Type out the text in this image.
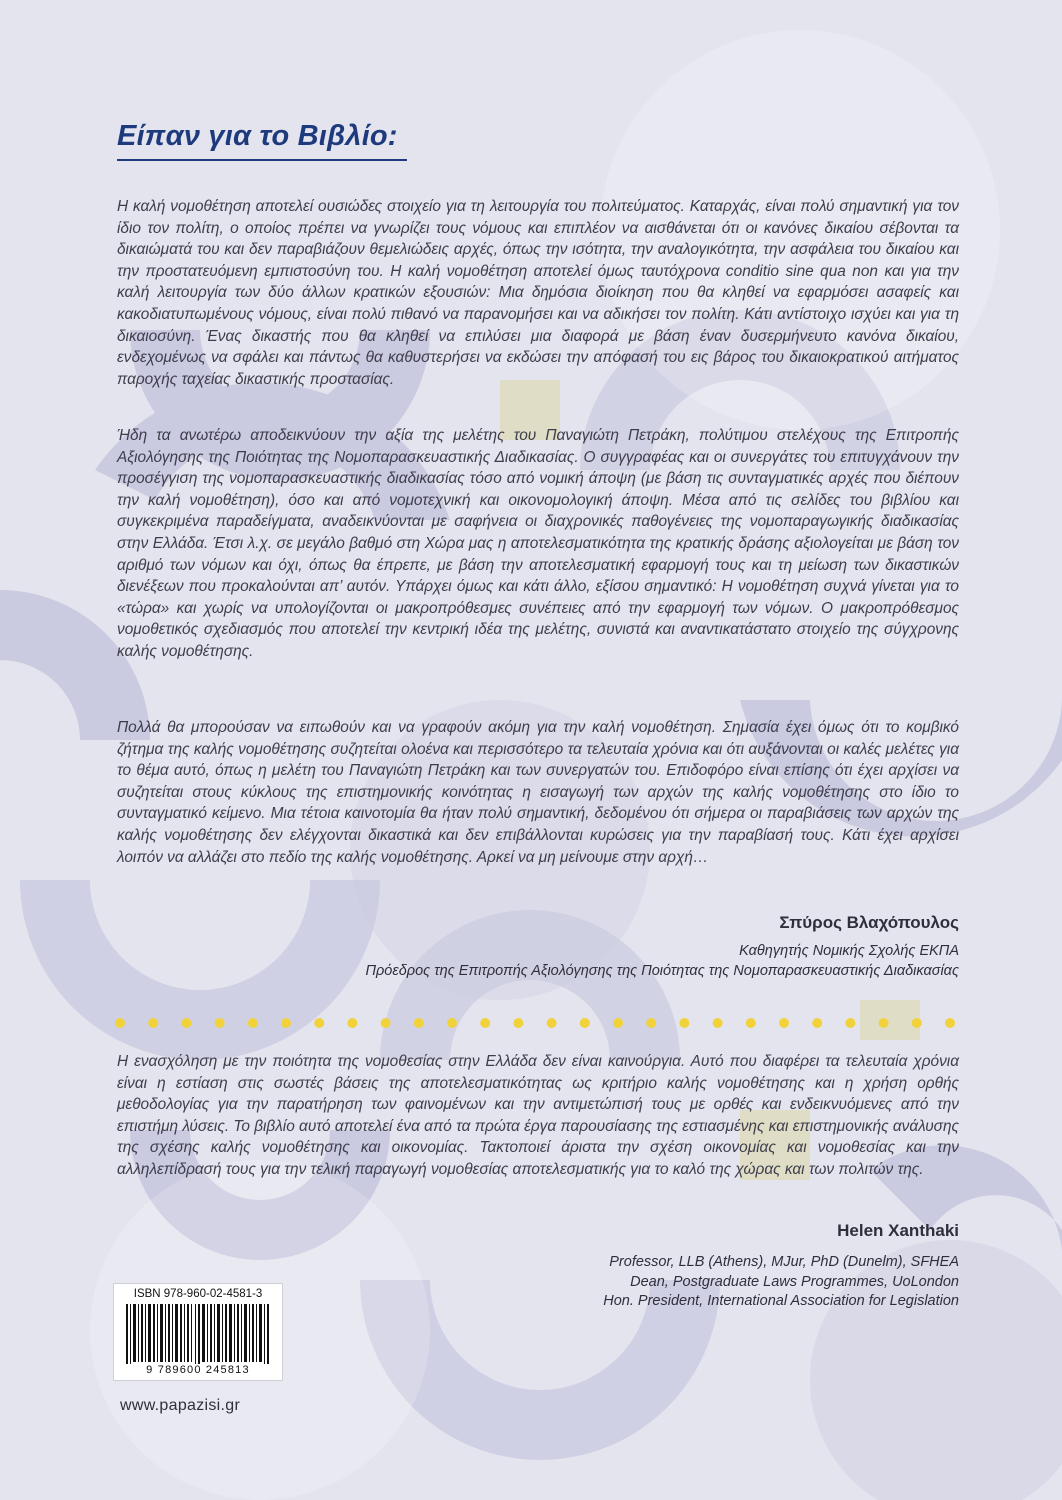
Είπαν για το Βιβλίο:

Η καλή νομοθέτηση αποτελεί ουσιώδες στοιχείο για τη λειτουργία του πολιτεύματος. Καταρχάς, είναι πολύ σημαντική για τον ίδιο τον πολίτη, ο οποίος πρέπει να γνωρίζει τους νόμους και επιπλέον να αισθάνεται ότι οι κανόνες δικαίου σέβονται τα δικαιώματά του και δεν παραβιάζουν θεμελιώδεις αρχές, όπως την ισότητα, την αναλογικότητα, την ασφάλεια του δικαίου και την προστατευόμενη εμπιστοσύνη του. Η καλή νομοθέτηση αποτελεί όμως ταυτόχρονα conditio sine qua non και για την καλή λειτουργία των δύο άλλων κρατικών εξουσιών: Μια δημόσια διοίκηση που θα κληθεί να εφαρμόσει ασαφείς και κακοδιατυπωμένους νόμους, είναι πολύ πιθανό να παρανομήσει και να αδικήσει τον πολίτη. Κάτι αντίστοιχο ισχύει και για τη δικαιοσύνη. Ένας δικαστής που θα κληθεί να επιλύσει μια διαφορά με βάση έναν δυσερμήνευτο κανόνα δικαίου, ενδεχομένως να σφάλει και πάντως θα καθυστερήσει να εκδώσει την απόφασή του εις βάρος του δικαιοκρατικού αιτήματος παροχής ταχείας δικαστικής προστασίας.

Ήδη τα ανωτέρω αποδεικνύουν την αξία της μελέτης του Παναγιώτη Πετράκη, πολύτιμου στελέχους της Επιτροπής Αξιολόγησης της Ποιότητας της Νομοπαρασκευαστικής Διαδικασίας. Ο συγγραφέας και οι συνεργάτες του επιτυγχάνουν την προσέγγιση της νομοπαρασκευαστικής διαδικασίας τόσο από νομική άποψη (με βάση τις συνταγματικές αρχές που διέπουν την καλή νομοθέτηση), όσο και από νομοτεχνική και οικονομολογική άποψη. Μέσα από τις σελίδες του βιβλίου και συγκεκριμένα παραδείγματα, αναδεικνύονται με σαφήνεια οι διαχρονικές παθογένειες της νομοπαραγωγικής διαδικασίας στην Ελλάδα. Έτσι λ.χ. σε μεγάλο βαθμό στη Χώρα μας η αποτελεσματικότητα της κρατικής δράσης αξιολογείται με βάση τον αριθμό των νόμων και όχι, όπως θα έπρεπε, με βάση την αποτελεσματική εφαρμογή τους και τη μείωση των δικαστικών διενέξεων που προκαλούνται απ’ αυτόν. Υπάρχει όμως και κάτι άλλο, εξίσου σημαντικό: Η νομοθέτηση συχνά γίνεται για το «τώρα» και χωρίς να υπολογίζονται οι μακροπρόθεσμες συνέπειες από την εφαρμογή των νόμων. Ο μακροπρόθεσμος νομοθετικός σχεδιασμός που αποτελεί την κεντρική ιδέα της μελέτης, συνιστά και αναντικατάστατο στοιχείο της σύγχρονης καλής νομοθέτησης.

Πολλά θα μπορούσαν να ειπωθούν και να γραφούν ακόμη για την καλή νομοθέτηση. Σημασία έχει όμως ότι το κομβικό ζήτημα της καλής νομοθέτησης συζητείται ολοένα και περισσότερο τα τελευταία χρόνια και ότι αυξάνονται οι καλές μελέτες για το θέμα αυτό, όπως η μελέτη του Παναγιώτη Πετράκη και των συνεργατών του. Επιδοφόρο είναι επίσης ότι έχει αρχίσει να συζητείται στους κύκλους της επιστημονικής κοινότητας η εισαγωγή των αρχών της καλής νομοθέτησης στο ίδιο το συνταγματικό κείμενο. Μια τέτοια καινοτομία θα ήταν πολύ σημαντική, δεδομένου ότι σήμερα οι παραβιάσεις των αρχών της καλής νομοθέτησης δεν ελέγχονται δικαστικά και δεν επιβάλλονται κυρώσεις για την παραβίασή τους. Κάτι έχει αρχίσει λοιπόν να αλλάζει στο πεδίο της καλής νομοθέτησης. Αρκεί να μη μείνουμε στην αρχή…

Σπύρος Βλαχόπουλος

Καθηγητής Νομικής Σχολής ΕΚΠΑ

Πρόεδρος της Επιτροπής Αξιολόγησης της Ποιότητας της Νομοπαρασκευαστικής Διαδικασίας

Η ενασχόληση με την ποιότητα της νομοθεσίας στην Ελλάδα δεν είναι καινούργια. Αυτό που διαφέρει τα τελευταία χρόνια είναι η εστίαση στις σωστές βάσεις της αποτελεσματικότητας ως κριτήριο καλής νομοθέτησης και η χρήση ορθής μεθοδολογίας για την παρατήρηση των φαινομένων και την αντιμετώπισή τους με ορθές και ενδεικνυόμενες από την επιστήμη λύσεις. Το βιβλίο αυτό αποτελεί ένα από τα πρώτα έργα παρουσίασης της εστιασμένης και επιστημονικής ανάλυσης της σχέσης καλής νομοθέτησης και οικονομίας. Τακτοποιεί άριστα την σχέση οικονομίας και νομοθεσίας και την αλληλεπίδρασή τους για την τελική παραγωγή νομοθεσίας αποτελεσματικής για το καλό της χώρας και των πολιτών της.

Helen Xanthaki

Professor, LLB (Athens), MJur, PhD (Dunelm), SFHEA

Dean, Postgraduate Laws Programmes, UoLondon

Hon. President, International Association for Legislation

ISBN 978-960-02-4581-3

9 789600 245813

www.papazisi.gr
